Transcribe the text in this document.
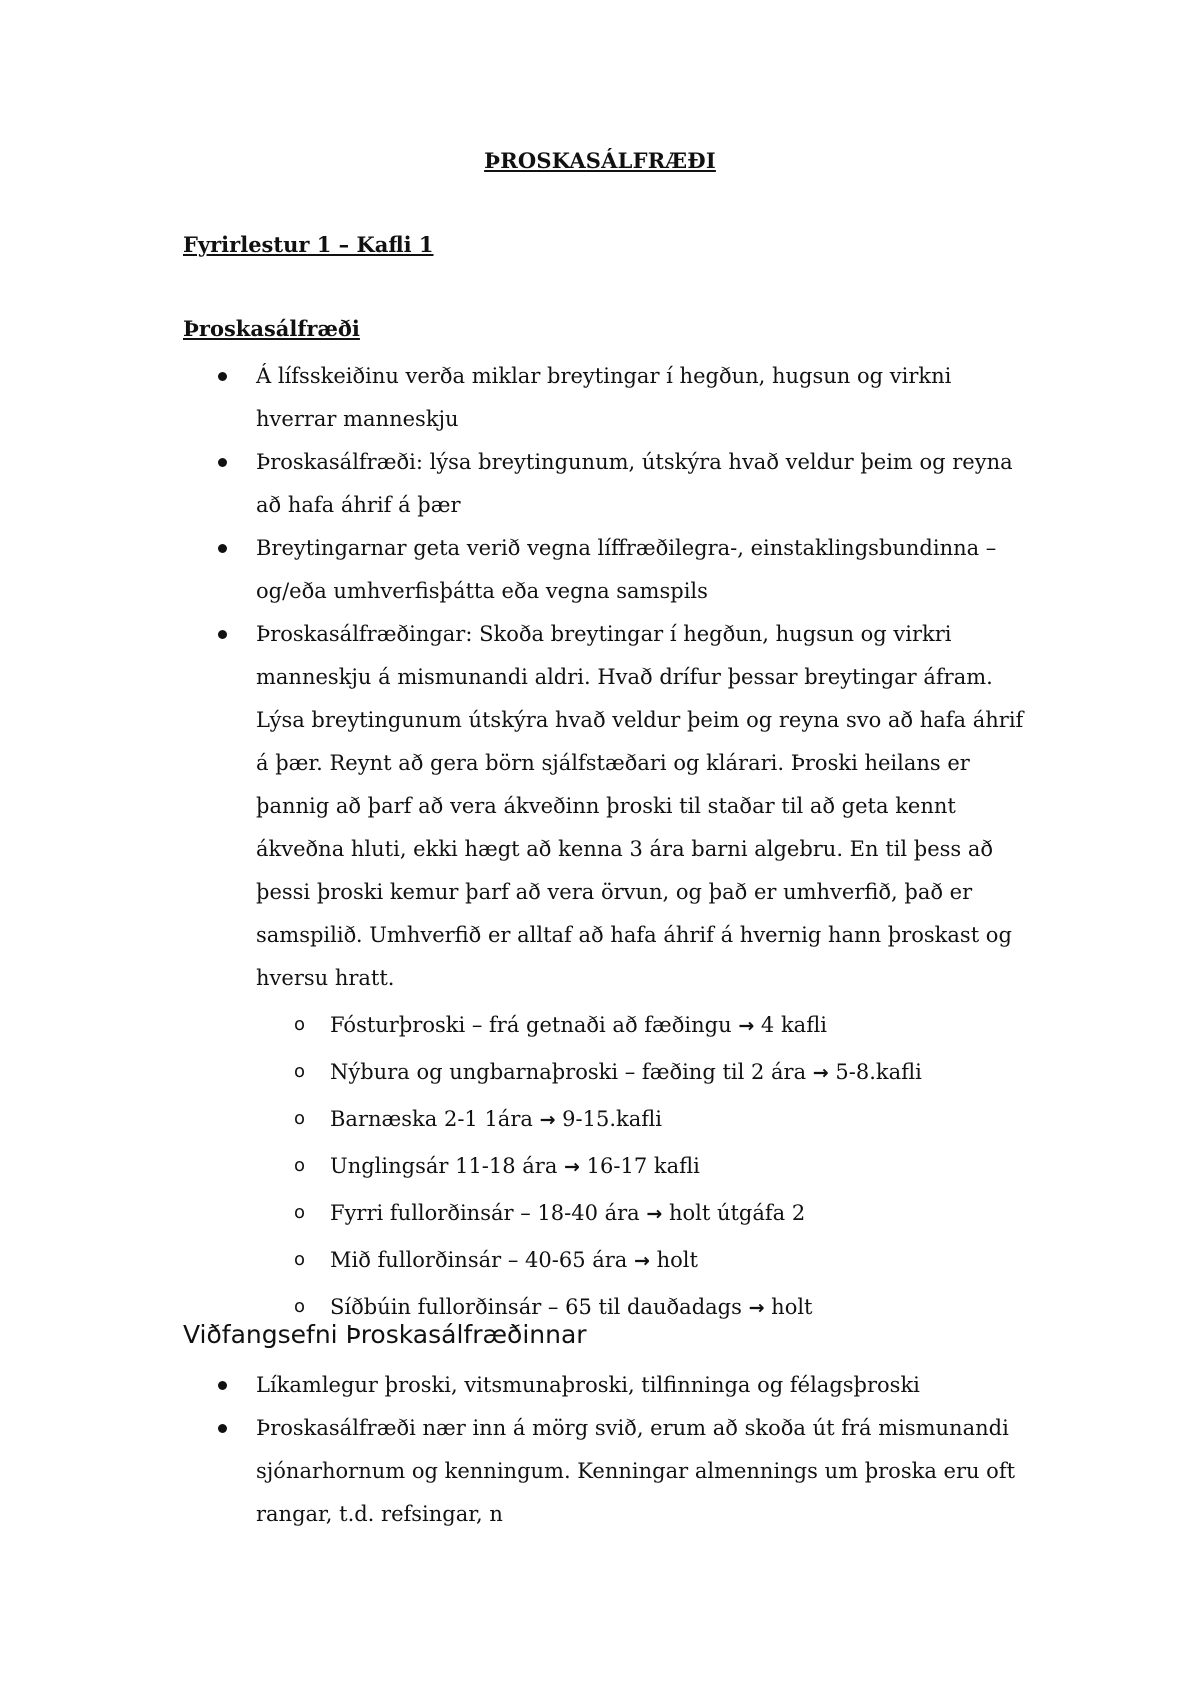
ÞROSKASÁLFRÆÐI
Fyrirlestur 1 – Kafli 1
Þroskasálfræði
Á lífsskeiðinu verða miklar breytingar í hegðun, hugsun og virkni hverrar manneskju
Þroskasálfræði: lýsa breytingunum, útskýra hvað veldur þeim og reyna að hafa áhrif á þær
Breytingarnar geta verið vegna líffræðilegra-, einstaklingsbundinna – og/eða umhverfisþátta eða vegna samspils
Þroskasálfræðingar: Skoða breytingar í hegðun, hugsun og virkri manneskju á mismunandi aldri. Hvað drífur þessar breytingar áfram. Lýsa breytingunum útskýra hvað veldur þeim og reyna svo að hafa áhrif á þær. Reynt að gera börn sjálfstæðari og klárari. Þroski heilans er þannig að þarf að vera ákveðinn þroski til staðar til að geta kennt ákveðna hluti, ekki hægt að kenna 3 ára barni algebru. En til þess að þessi þroski kemur þarf að vera örvun, og það er umhverfið, það er samspilið. Umhverfið er alltaf að hafa áhrif á hvernig hann þroskast og hversu hratt.
o Fósturþroski – frá getnaði að fæðingu → 4 kafli
o Nýbura og ungbarnaþroski – fæðing til 2 ára → 5-8.kafli
o Barnæska 2-1 1ára → 9-15.kafli
o Unglingsár 11-18 ára → 16-17 kafli
o Fyrri fullorðinsár – 18-40 ára → holt útgáfa 2
o Mið fullorðinsár – 40-65 ára → holt
o Síðbúin fullorðinsár – 65 til dauðadags → holt
Viðfangsefni Þroskasálfræðinnar
Líkamlegur þroski, vitsmunaþroski, tilfinninga og félagsþroski
Þroskasálfræði nær inn á mörg svið, erum að skoða út frá mismunandi sjónarhornum og kenningum. Kenningar almennings um þroska eru oft rangar, t.d. refsingar, n
